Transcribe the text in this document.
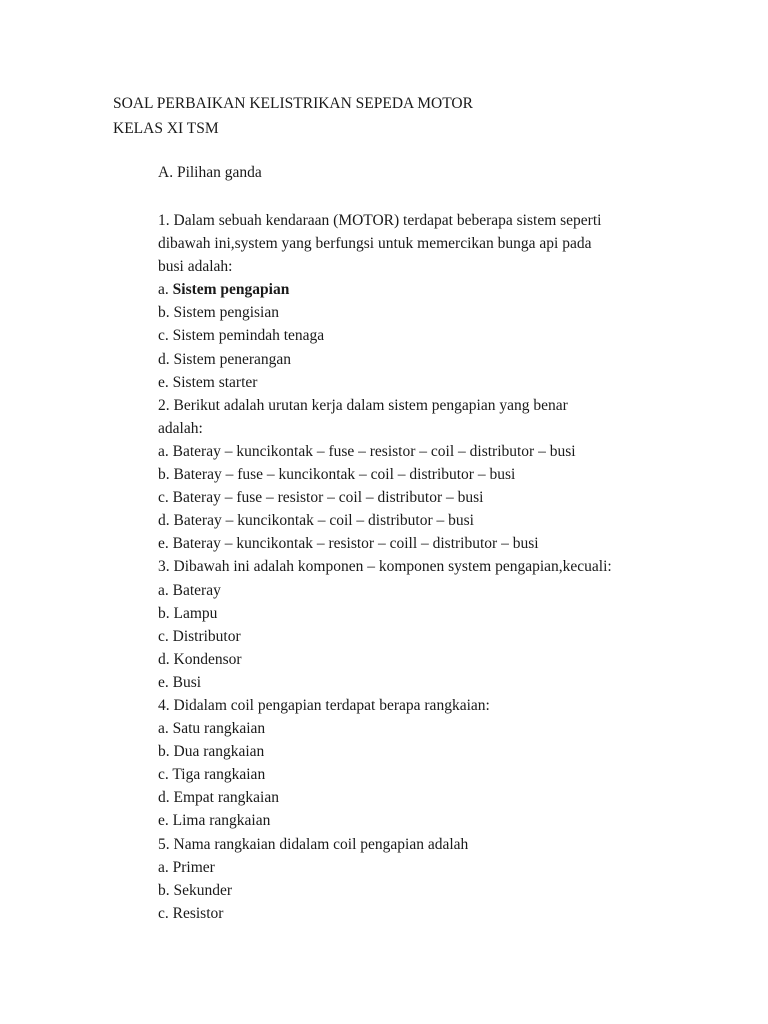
SOAL PERBAIKAN KELISTRIKAN SEPEDA MOTOR
KELAS XI TSM
A. Pilihan ganda
1. Dalam sebuah kendaraan (MOTOR) terdapat beberapa sistem seperti
dibawah ini,system yang berfungsi untuk memercikan bunga api pada
busi adalah:
a. Sistem pengapian
b. Sistem pengisian
c. Sistem pemindah tenaga
d. Sistem penerangan
e. Sistem starter
2. Berikut adalah urutan kerja dalam sistem pengapian yang benar
adalah:
a. Bateray – kuncikontak – fuse – resistor – coil – distributor – busi
b. Bateray – fuse – kuncikontak – coil – distributor – busi
c. Bateray – fuse – resistor – coil – distributor – busi
d. Bateray – kuncikontak – coil – distributor – busi
e. Bateray – kuncikontak – resistor – coill – distributor – busi
3. Dibawah ini adalah komponen – komponen system pengapian,kecuali:
a. Bateray
b. Lampu
c. Distributor
d. Kondensor
e. Busi
4. Didalam coil pengapian terdapat berapa rangkaian:
a. Satu rangkaian
b. Dua rangkaian
c. Tiga rangkaian
d. Empat rangkaian
e. Lima rangkaian
5. Nama rangkaian didalam coil pengapian adalah
a. Primer
b. Sekunder
c. Resistor
